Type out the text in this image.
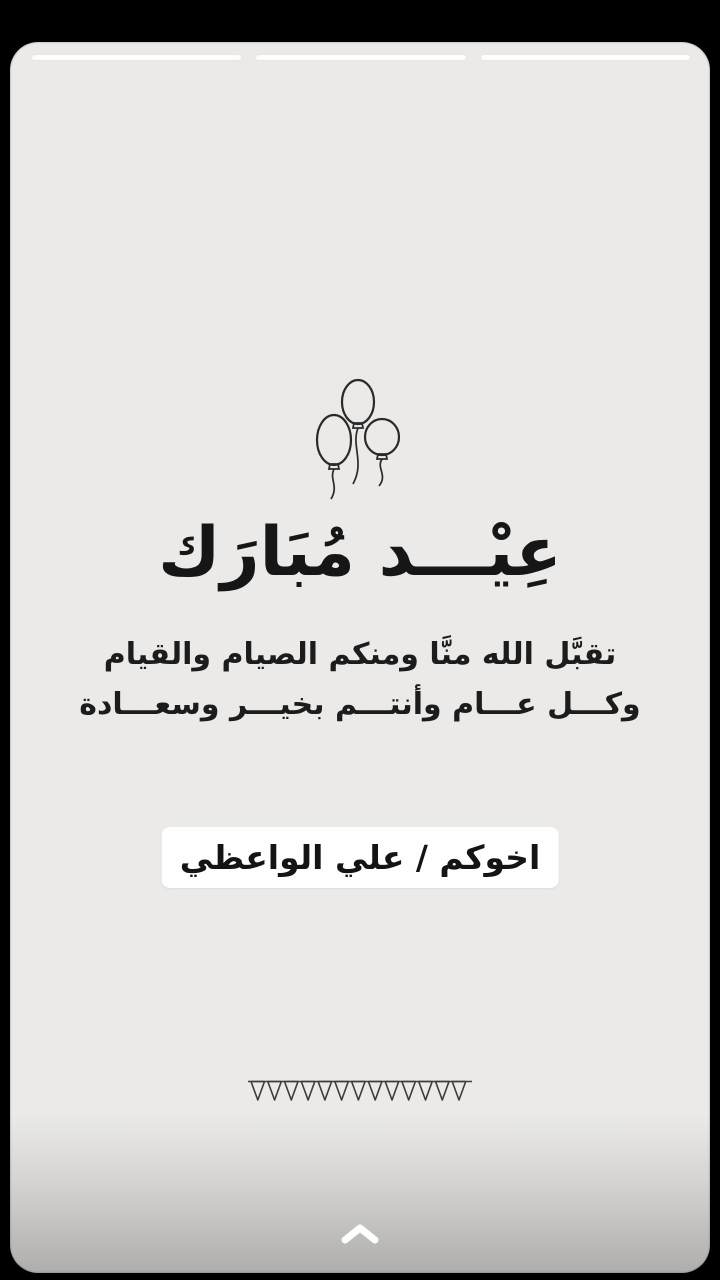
عِيْـــد مُبَارَك
تقبَّل الله منَّا ومنكم الصيام والقيام
وكـــل عـــام وأنتـــم بخيـــر وسعـــادة
اخوكم / علي الواعظي
